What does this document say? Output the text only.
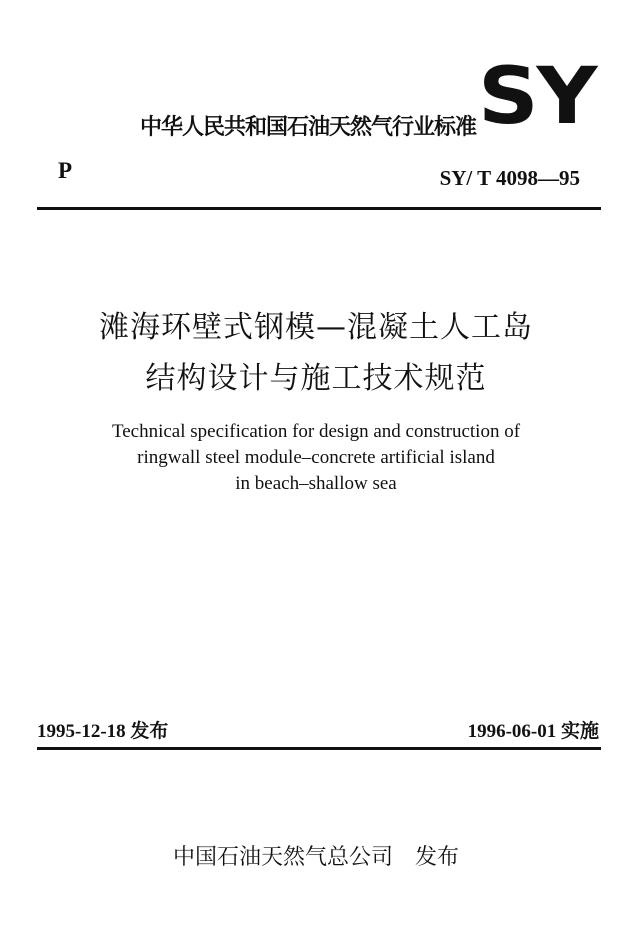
中华人民共和国石油天然气行业标准 SY
P	SY/ T 4098—95
滩海环壁式钢模—混凝土人工岛
结构设计与施工技术规范
Technical specification for design and construction of
ringwall steel module–concrete artificial island
in beach–shallow sea
1995-12-18 发布	1996-06-01 实施
中国石油天然气总公司 发布
